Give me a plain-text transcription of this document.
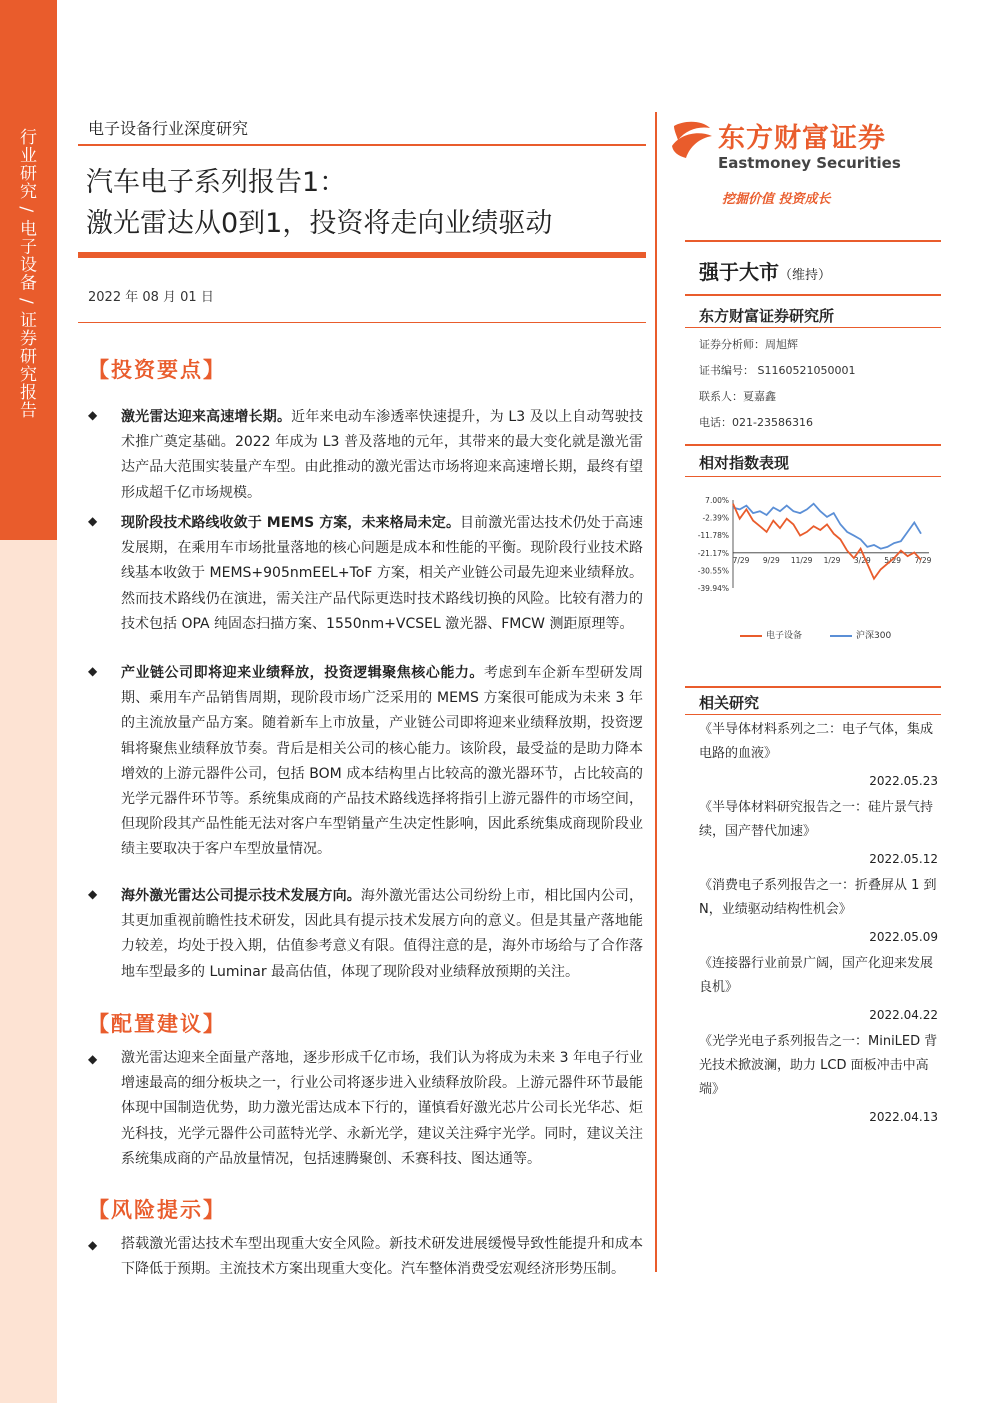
行业研究 / 电子设备 / 证券研究报告	电子设备行业深度研究
汽车电子系列报告1：
激光雷达从0到1，投资将走向业绩驱动
2022 年 08 月 01 日
【投资要点】
◆ 激光雷达迎来高速增长期。近年来电动车渗透率快速提升，为 L3 及以上自动驾驶技术推广奠定基础。2022 年成为 L3 普及落地的元年，其带来的最大变化就是激光雷达产品大范围实装量产车型。由此推动的激光雷达市场将迎来高速增长期，最终有望形成超千亿市场规模。
◆ 现阶段技术路线收敛于 MEMS 方案，未来格局未定。目前激光雷达技术仍处于高速发展期，在乘用车市场批量落地的核心问题是成本和性能的平衡。现阶段行业技术路线基本收敛于 MEMS+905nmEEL+ToF 方案，相关产业链公司最先迎来业绩释放。然而技术路线仍在演进，需关注产品代际更迭时技术路线切换的风险。比较有潜力的技术包括 OPA 纯固态扫描方案、1550nm+VCSEL 激光器、FMCW 测距原理等。
◆ 产业链公司即将迎来业绩释放，投资逻辑聚焦核心能力。考虑到车企新车型研发周期、乘用车产品销售周期，现阶段市场广泛采用的 MEMS 方案很可能成为未来 3 年的主流放量产品方案。随着新车上市放量，产业链公司即将迎来业绩释放期，投资逻辑将聚焦业绩释放节奏。背后是相关公司的核心能力。该阶段，最受益的是助力降本增效的上游元器件公司，包括 BOM 成本结构里占比较高的激光器环节，占比较高的光学元器件环节等。系统集成商的产品技术路线选择将指引上游元器件的市场空间，但现阶段其产品性能无法对客户车型销量产生决定性影响，因此系统集成商现阶段业绩主要取决于客户车型放量情况。
◆ 海外激光雷达公司提示技术发展方向。海外激光雷达公司纷纷上市，相比国内公司，其更加重视前瞻性技术研发，因此具有提示技术发展方向的意义。但是其量产落地能力较差，均处于投入期，估值参考意义有限。值得注意的是，海外市场给与了合作落地车型最多的 Luminar 最高估值，体现了现阶段对业绩释放预期的关注。
【配置建议】
◆ 激光雷达迎来全面量产落地，逐步形成千亿市场，我们认为将成为未来 3 年电子行业增速最高的细分板块之一，行业公司将逐步进入业绩释放阶段。上游元器件环节最能体现中国制造优势，助力激光雷达成本下行的，谨慎看好激光芯片公司长光华芯、炬光科技，光学元器件公司蓝特光学、永新光学，建议关注舜宇光学。同时，建议关注系统集成商的产品放量情况，包括速腾聚创、禾赛科技、图达通等。
【风险提示】
◆ 搭载激光雷达技术车型出现重大安全风险。新技术研发进展缓慢导致性能提升和成本下降低于预期。主流技术方案出现重大变化。汽车整体消费受宏观经济形势压制。
东方财富证券
Eastmoney Securities
挖掘价值 投资成长
强于大市（维持）
东方财富证券研究所
证券分析师：周旭辉
证书编号： S1160521050001
联系人：夏嘉鑫
电话：021-23586316
相对指数表现
7.00%
-2.39%
-11.78%
-21.17%
-30.55%
-39.94%
7/29 9/29 11/29 1/29 3/29 5/29 7/29
电子设备	沪深300
相关研究
《半导体材料系列之二：电子气体，集成电路的血液》
2022.05.23
《半导体材料研究报告之一：硅片景气持续，国产替代加速》
2022.05.12
《消费电子系列报告之一：折叠屏从 1 到 N，业绩驱动结构性机会》
2022.05.09
《连接器行业前景广阔，国产化迎来发展良机》
2022.04.22
《光学光电子系列报告之一：MiniLED 背光技术掀波澜，助力 LCD 面板冲击中高端》
2022.04.13
